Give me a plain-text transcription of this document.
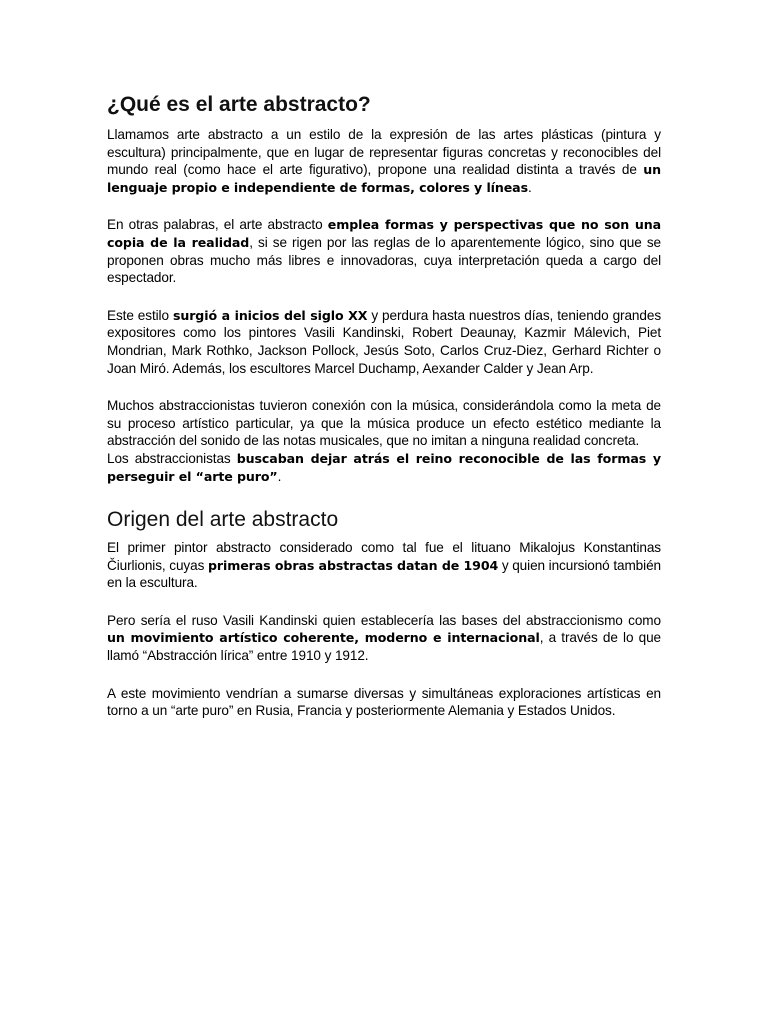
¿Qué es el arte abstracto?

Llamamos arte abstracto a un estilo de la expresión de las artes plásticas (pintura y escultura) principalmente, que en lugar de representar figuras concretas y reconocibles del mundo real (como hace el arte figurativo), propone una realidad distinta a través de un lenguaje propio e independiente de formas, colores y líneas.

En otras palabras, el arte abstracto emplea formas y perspectivas que no son una copia de la realidad, si se rigen por las reglas de lo aparentemente lógico, sino que se proponen obras mucho más libres e innovadoras, cuya interpretación queda a cargo del espectador.

Este estilo surgió a inicios del siglo XX y perdura hasta nuestros días, teniendo grandes expositores como los pintores Vasili Kandinski, Robert Deaunay, Kazmir Málevich, Piet Mondrian, Mark Rothko, Jackson Pollock, Jesús Soto, Carlos Cruz-Diez, Gerhard Richter o Joan Miró. Además, los escultores Marcel Duchamp, Aexander Calder y Jean Arp.

Muchos abstraccionistas tuvieron conexión con la música, considerándola como la meta de su proceso artístico particular, ya que la música produce un efecto estético mediante la abstracción del sonido de las notas musicales, que no imitan a ninguna realidad concreta.
Los abstraccionistas buscaban dejar atrás el reino reconocible de las formas y perseguir el “arte puro”.

Origen del arte abstracto

El primer pintor abstracto considerado como tal fue el lituano Mikalojus Konstantinas Čiurlionis, cuyas primeras obras abstractas datan de 1904 y quien incursionó también en la escultura.

Pero sería el ruso Vasili Kandinski quien establecería las bases del abstraccionismo como un movimiento artístico coherente, moderno e internacional, a través de lo que llamó “Abstracción lírica” entre 1910 y 1912.

A este movimiento vendrían a sumarse diversas y simultáneas exploraciones artísticas en torno a un “arte puro” en Rusia, Francia y posteriormente Alemania y Estados Unidos.
